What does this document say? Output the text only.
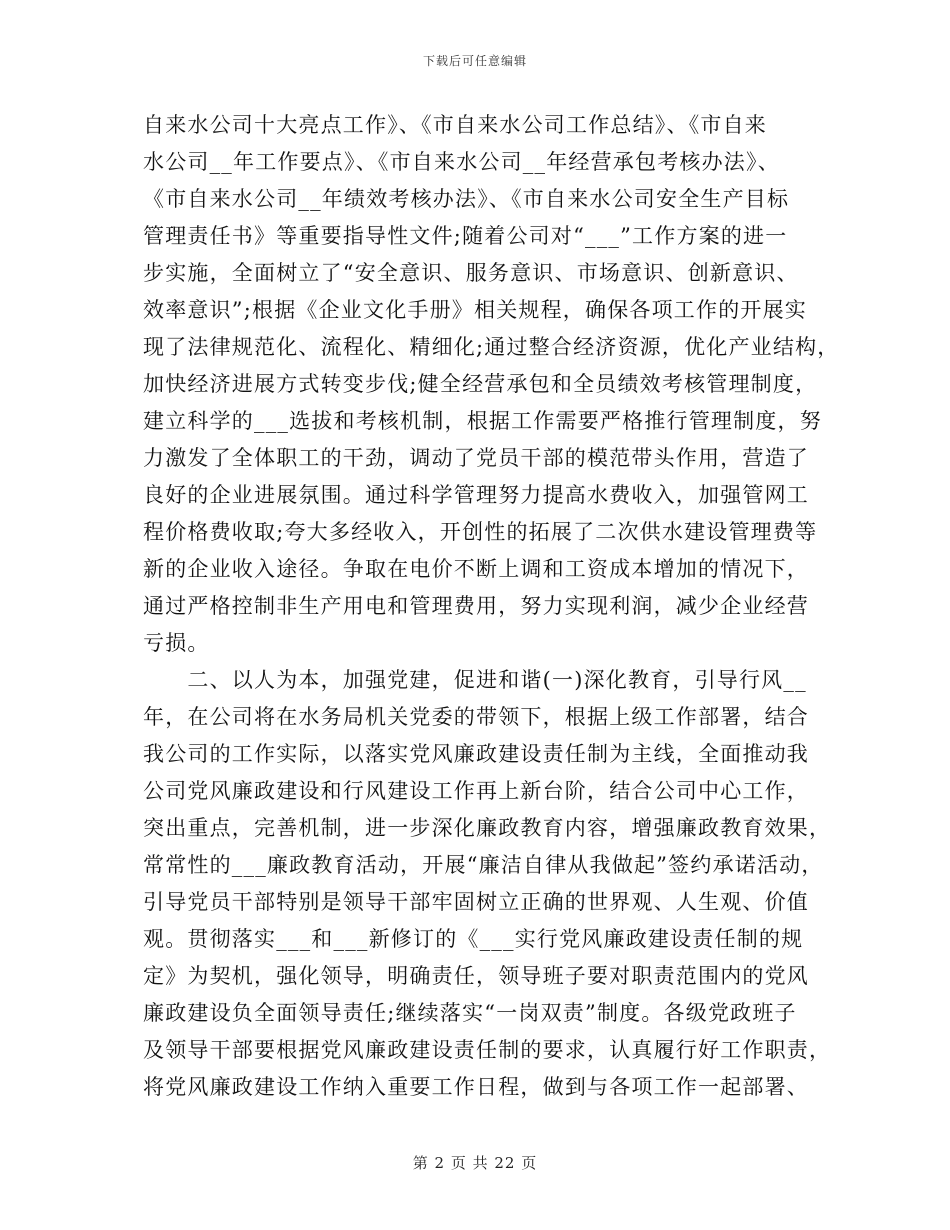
下载后可任意编辑
自来水公司十大亮点工作》、《市自来水公司工作总结》、《市自来
水公司__年工作要点》、《市自来水公司__年经营承包考核办法》、
《市自来水公司__年绩效考核办法》、《市自来水公司安全生产目标
管理责任书》等重要指导性文件;随着公司对“___”工作方案的进一
步实施，全面树立了“安全意识、服务意识、市场意识、创新意识、
效率意识”;根据《企业文化手册》相关规程，确保各项工作的开展实
现了法律规范化、流程化、精细化;通过整合经济资源，优化产业结构，
加快经济进展方式转变步伐;健全经营承包和全员绩效考核管理制度，
建立科学的___选拔和考核机制，根据工作需要严格推行管理制度，努
力激发了全体职工的干劲，调动了党员干部的模范带头作用，营造了
良好的企业进展氛围。通过科学管理努力提高水费收入，加强管网工
程价格费收取;夸大多经收入，开创性的拓展了二次供水建设管理费等
新的企业收入途径。争取在电价不断上调和工资成本增加的情况下，
通过严格控制非生产用电和管理费用，努力实现利润，减少企业经营
亏损。
　　二、以人为本，加强党建，促进和谐(一)深化教育，引导行风__
年，在公司将在水务局机关党委的带领下，根据上级工作部署，结合
我公司的工作实际，以落实党风廉政建设责任制为主线，全面推动我
公司党风廉政建设和行风建设工作再上新台阶，结合公司中心工作，
突出重点，完善机制，进一步深化廉政教育内容，增强廉政教育效果，
常常性的___廉政教育活动，开展“廉洁自律从我做起”签约承诺活动，
引导党员干部特别是领导干部牢固树立正确的世界观、人生观、价值
观。贯彻落实___和___新修订的《___实行党风廉政建设责任制的规
定》为契机，强化领导，明确责任，领导班子要对职责范围内的党风
廉政建设负全面领导责任;继续落实“一岗双责”制度。各级党政班子
及领导干部要根据党风廉政建设责任制的要求，认真履行好工作职责，
将党风廉政建设工作纳入重要工作日程，做到与各项工作一起部署、
第 2 页 共 22 页
